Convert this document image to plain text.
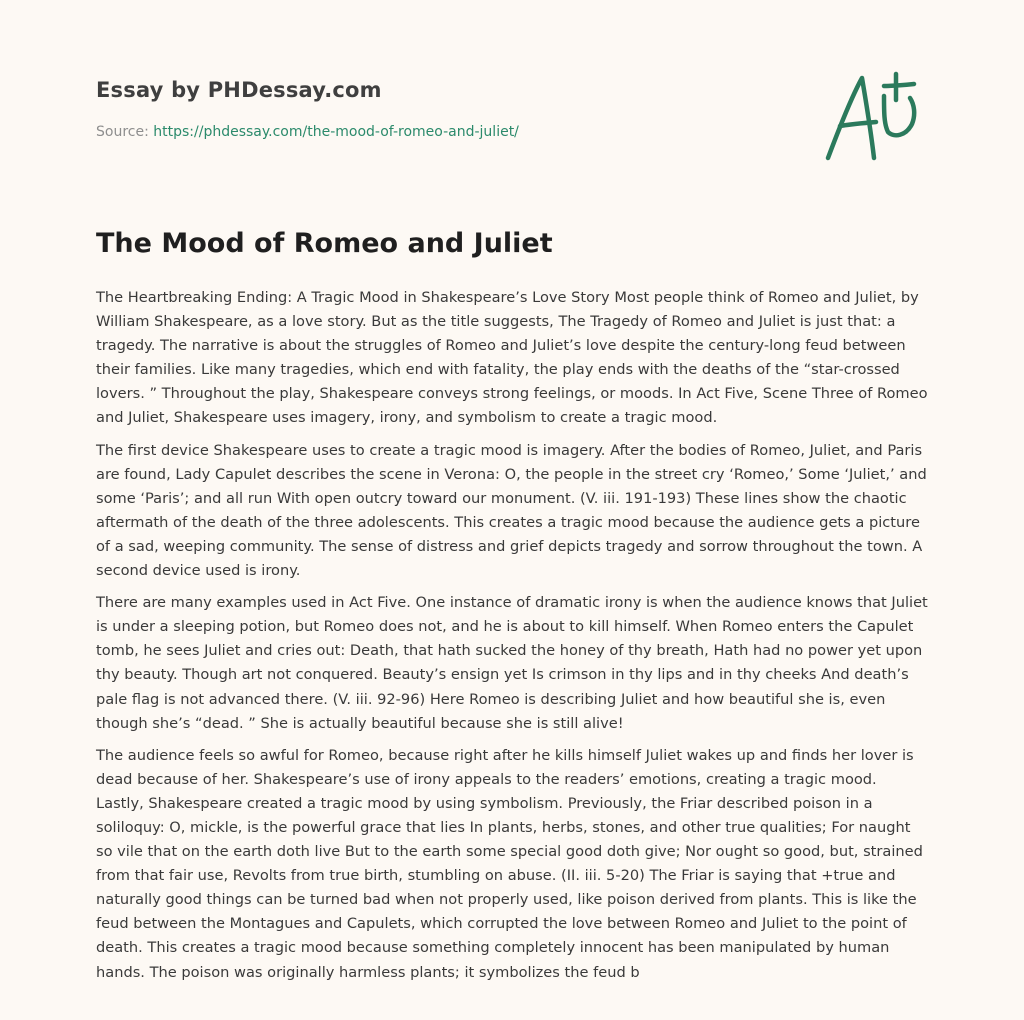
Essay by PHDessay.com
Source: https://phdessay.com/the-mood-of-romeo-and-juliet/
The Mood of Romeo and Juliet

The Heartbreaking Ending: A Tragic Mood in Shakespeare’s Love Story Most people think of Romeo and Juliet, by William Shakespeare, as a love story. But as the title suggests, The Tragedy of Romeo and Juliet is just that: a tragedy. The narrative is about the struggles of Romeo and Juliet’s love despite the century-long feud between their families. Like many tragedies, which end with fatality, the play ends with the deaths of the “star-crossed lovers. ” Throughout the play, Shakespeare conveys strong feelings, or moods. In Act Five, Scene Three of Romeo and Juliet, Shakespeare uses imagery, irony, and symbolism to create a tragic mood.

The first device Shakespeare uses to create a tragic mood is imagery. After the bodies of Romeo, Juliet, and Paris are found, Lady Capulet describes the scene in Verona: O, the people in the street cry ‘Romeo,’ Some ‘Juliet,’ and some ‘Paris’; and all run With open outcry toward our monument. (V. iii. 191-193) These lines show the chaotic aftermath of the death of the three adolescents. This creates a tragic mood because the audience gets a picture of a sad, weeping community. The sense of distress and grief depicts tragedy and sorrow throughout the town. A second device used is irony.

There are many examples used in Act Five. One instance of dramatic irony is when the audience knows that Juliet is under a sleeping potion, but Romeo does not, and he is about to kill himself. When Romeo enters the Capulet tomb, he sees Juliet and cries out: Death, that hath sucked the honey of thy breath, Hath had no power yet upon thy beauty. Though art not conquered. Beauty’s ensign yet Is crimson in thy lips and in thy cheeks And death’s pale flag is not advanced there. (V. iii. 92-96) Here Romeo is describing Juliet and how beautiful she is, even though she’s “dead. ” She is actually beautiful because she is still alive!

The audience feels so awful for Romeo, because right after he kills himself Juliet wakes up and finds her lover is dead because of her. Shakespeare’s use of irony appeals to the readers’ emotions, creating a tragic mood. Lastly, Shakespeare created a tragic mood by using symbolism. Previously, the Friar described poison in a soliloquy: O, mickle, is the powerful grace that lies In plants, herbs, stones, and other true qualities; For naught so vile that on the earth doth live But to the earth some special good doth give; Nor ought so good, but, strained from that fair use, Revolts from true birth, stumbling on abuse. (II. iii. 5-20) The Friar is saying that +true and naturally good things can be turned bad when not properly used, like poison derived from plants. This is like the feud between the Montagues and Capulets, which corrupted the love between Romeo and Juliet to the point of death. This creates a tragic mood because something completely innocent has been manipulated by human hands. The poison was originally harmless plants; it symbolizes the feud b
